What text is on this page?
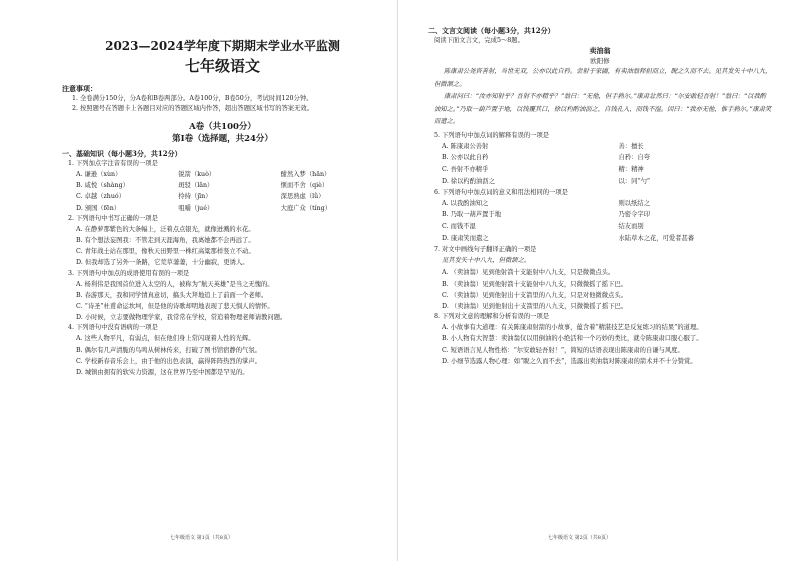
2023—2024学年度下期期末学业水平监测
七年级语文
注意事项：
1. 全卷满分150分，分A卷和B卷两部分。A卷100分，B卷50分，考试时间120分钟。
2. 按照题号在答题卡上各题目对应的答题区域内作答，超出答题区域书写的答案无效。
A卷（共100分）
第Ⅰ卷（选择题，共24分）
一、基础知识（每小题3分，共12分）
1. 下列加点字注音有误的一项是
A. 谦逊（xùn）	锐箭（kuò）	酣然入梦（hān）
B. 咸悦（shàng）	斑驳（lǎn）	惬而不舍（qiè）
C. 卓越（zhuó）	拎持（jīn）	深思熟虑（lǜ）
D. 颁国（fēn）	咀嚼（jué）	大庭广众（tíng）
2. 下列语句中书写正确的一项是
A. 在静萝那紫色的大条幅上，泛着点点银光，就像迸溅的水花。
B. 有个想法妄图我：不管走到天涯海角，我离她都不会再远了。
C. 青年战士站在那里，像秋天田野里一株红高粱那样竖立不动。
D. 但我却选了另外一条路，它荒草萋萋，十分幽寂，更诱人。
3. 下列语句中加点的成语使用有误的一项是
A. 杨利伟是我国首位进入太空的人，被称为“航天英雄”是当之无愧的。
B. 春游那天，我和同学情真意切，搞头大拜地追上了前面一个老师。
C. “诗圣”杜甫命运坎坷，但是他的诗歌却明地表现了悲天悯人的情怀。
D. 小时候，立志要做物理学家，我常常在学校，常追着物理老师请教问题。
4. 下列语句中没有语病的一项是
A. 这些人物平凡，有弱点，但在他们身上常闪现着人性的光辉。
B. 偶尔有几声清脆的鸟鸣从树林传来，打破了图书馆宿静的气氛。
C. 学校新春音乐会上，由于他的出色表演，赢得阵阵热烈的掌声。
D. 城镇由拥有的软实力资源，这在世界乃至中国都是罕见的。
七年级语文 第1页（共8页）
二、文言文阅读（每小题3分，共12分）
阅读下面文言文，完成5～8题。
卖油翁
欧阳修
陈康肃公尧咨善射，当世无双，公亦以此自矜。尝射于家圃，有卖油翁释担而立，睨之久而不去。见其发矢十中八九，但微颔之。
康肃问曰：“汝亦知射乎？吾射不亦精乎？”翁曰：“无他，但手熟尔。”康肃忿然曰：“尔安敢轻吾射！”翁曰：“以我酌油知之。”乃取一葫芦置于地，以钱覆其口，徐以杓酌油沥之，自钱孔入，而钱不湿。因曰：“我亦无他，惟手熟尔。”康肃笑而遣之。
5. 下列语句中加点词的解释有误的一项是
A. 陈康肃公善射	善：擅长
B. 公亦以此自矜	自矜：自夸
C. 吾射不亦精乎	精：精神
D. 徐以杓酌油沥之	以：同“勺”
6. 下列语句中加点词的意义和用法相同的一项是
A. 以我酌油知之	则以纸结之
B. 乃取一葫芦置于地	乃密令字印
C. 而钱不湿	结友而别
D. 康肃笑而遣之	水陆草木之花，可爱者甚蕃
7. 对文中画线句子翻译正确的一项是
见其发矢十中八九，但微颔之。
A. （卖油翁）见到他射箭十支能射中八九支，只是微微点头。
B. （卖油翁）见到他射箭十支能射中八九支，只微微摇了摇下巴。
C. （卖油翁）见到他射出十支箭里的八九支，只是对他微微点头。
D. （卖油翁）见到他射出十支箭里的八九支，只微微摇了摇下巴。
8. 下列对文意的理解和分析有误的一项是
A. 小故事有大道理：有关陈康肃射箭的小故事，蕴含着“精湛技艺是反复练习的结果”的道理。
B. 小人物有大智慧：卖油翁仅以用倒油的小绝活和一个巧妙的类比，就令陈康肃口服心服了。
C. 短语语言见人物性格：“尔安敢轻吾射！”，简短的话语表现出陈康肃的自谦与风度。
D. 小细节选露人物心理：如“睨之久而不去”，选露出卖油翁对陈康肃的箭术并不十分赞赏。
七年级语文 第2页（共8页）
